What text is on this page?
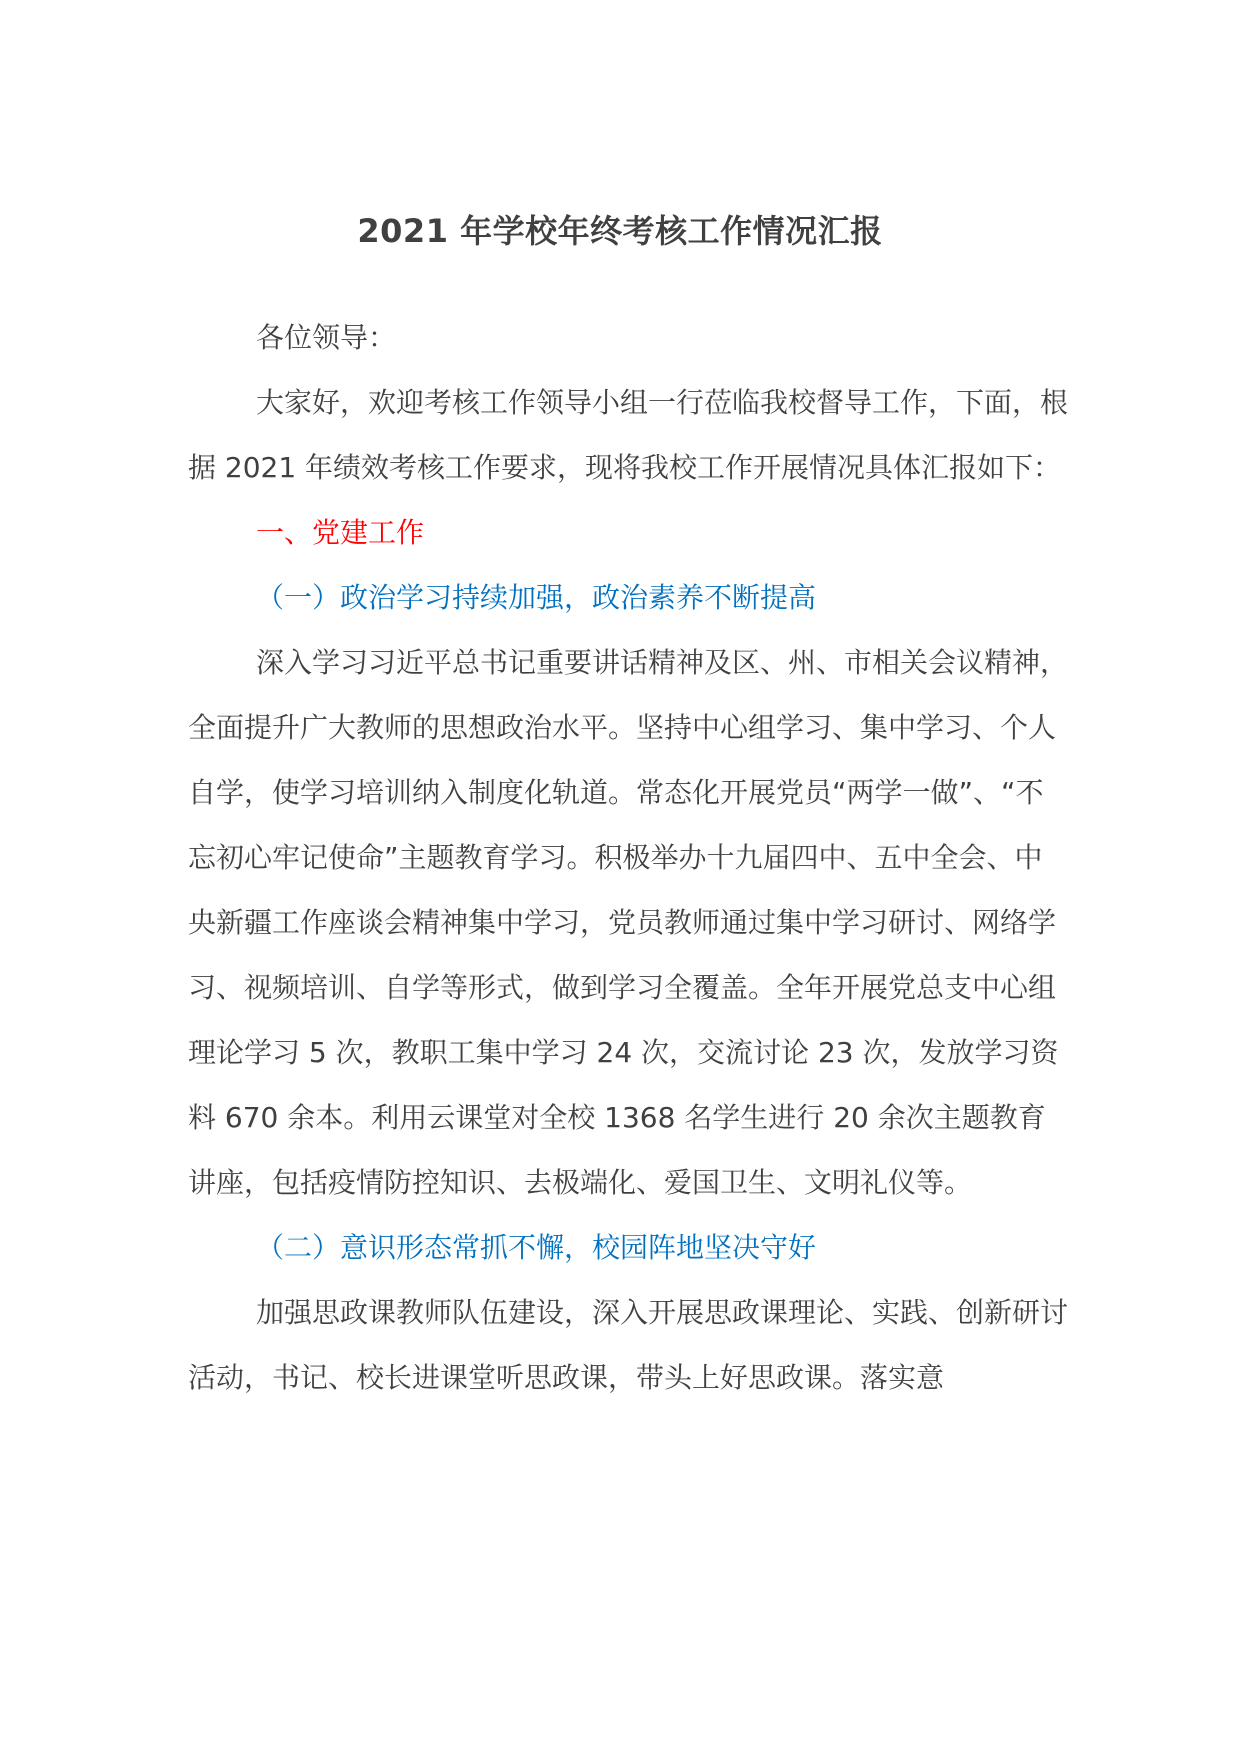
2021 年学校年终考核工作情况汇报

各位领导：

大家好，欢迎考核工作领导小组一行莅临我校督导工作，下面，根据 2021 年绩效考核工作要求，现将我校工作开展情况具体汇报如下：

一、党建工作

（一）政治学习持续加强，政治素养不断提高

深入学习习近平总书记重要讲话精神及区、州、市相关会议精神，全面提升广大教师的思想政治水平。坚持中心组学习、集中学习、个人自学，使学习培训纳入制度化轨道。常态化开展党员“两学一做”、“不忘初心牢记使命”主题教育学习。积极举办十九届四中、五中全会、中央新疆工作座谈会精神集中学习，党员教师通过集中学习研讨、网络学习、视频培训、自学等形式，做到学习全覆盖。全年开展党总支中心组理论学习 5 次，教职工集中学习 24 次，交流讨论 23 次，发放学习资料 670 余本。利用云课堂对全校 1368 名学生进行 20 余次主题教育讲座，包括疫情防控知识、去极端化、爱国卫生、文明礼仪等。

（二）意识形态常抓不懈，校园阵地坚决守好

加强思政课教师队伍建设，深入开展思政课理论、实践、创新研讨活动，书记、校长进课堂听思政课，带头上好思政课。落实意
